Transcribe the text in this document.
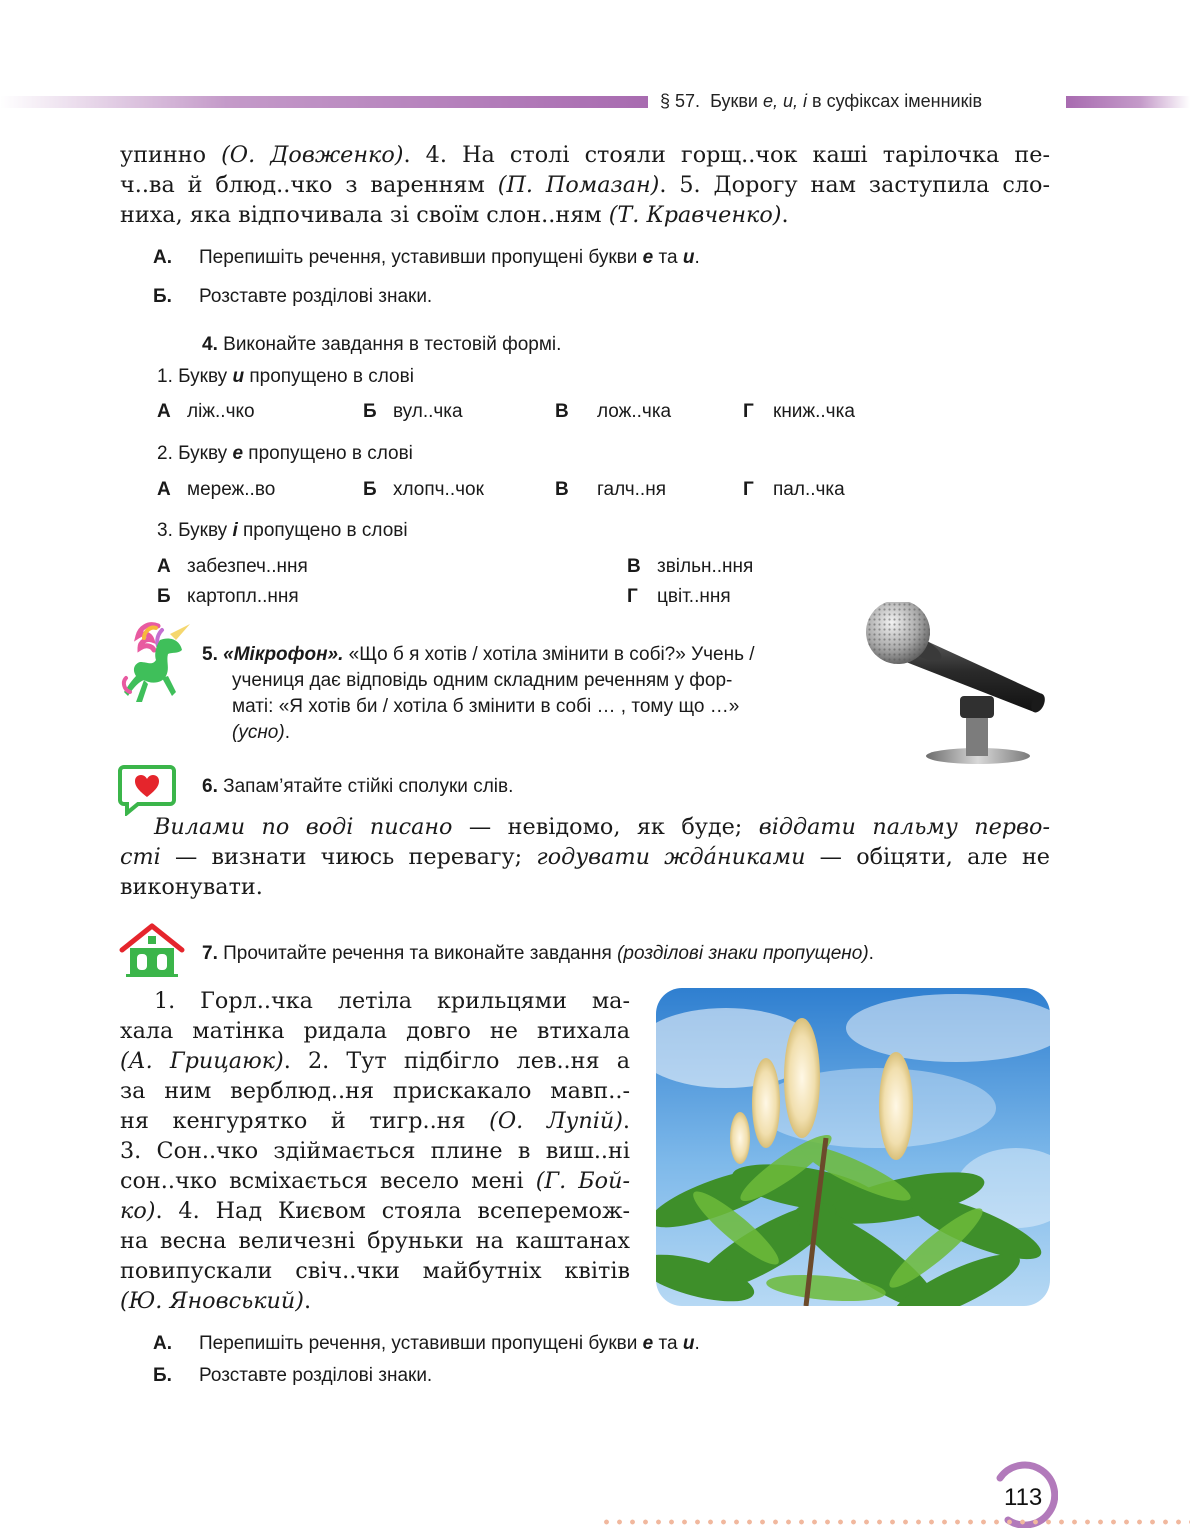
§ 57. Букви е, и, і в суфіксах іменників
упинно (О. Довженко). 4. На столі стояли горщ..чок каші тарілочка пе-
ч..ва й блюд..чко з варенням (П. Помазан). 5. Дорогу нам заступила сло-
ниха, яка відпочивала зі своїм слон..ням (Т. Кравченко).
А. Перепишіть речення, уставивши пропущені букви е та и.
Б. Розставте розділові знаки.
4. Виконайте завдання в тестовій формі.
1. Букву и пропущено в слові
А ліж..чко	Б вул..чка	В лож..чка	Г книж..чка
2. Букву е пропущено в слові
А мереж..во	Б хлопч..чок	В галч..ня	Г пал..чка
3. Букву і пропущено в слові
А забезпеч..ння	В звільн..ння
Б картопл..ння	Г цвіт..ння
5. «Мікрофон». «Що б я хотів / хотіла змінити в собі?» Учень /
учениця дає відповідь одним складним реченням у фор-
маті: «Я хотів би / хотіла б змінити в собі … , тому що …»
(усно).
6. Запам’ятайте стійкі сполуки слів.
Вилами по воді писано — невідомо, як буде; віддати пальму перво-
сті — визнати чиюсь перевагу; годувати жда́никами — обіцяти, але не
виконувати.
7. Прочитайте речення та виконайте завдання (розділові знаки пропущено).
1. Горл..чка летіла крильцями ма-
хала матінка ридала довго не втихала
(А. Грицаюк). 2. Тут підбігло лев..ня а
за ним верблюд..ня прискакало мавп..-
ня кенгурятко й тигр..ня (О. Лупій).
3. Сон..чко здіймається плине в виш..ні
сон..чко всміхається весело мені (Г. Бой-
ко). 4. Над Києвом стояла всеперемож-
на весна величезні бруньки на каштанах
повипускали свіч..чки майбутніх квітів
(Ю. Яновський).
А. Перепишіть речення, уставивши пропущені букви е та и.
Б. Розставте розділові знаки.
113
